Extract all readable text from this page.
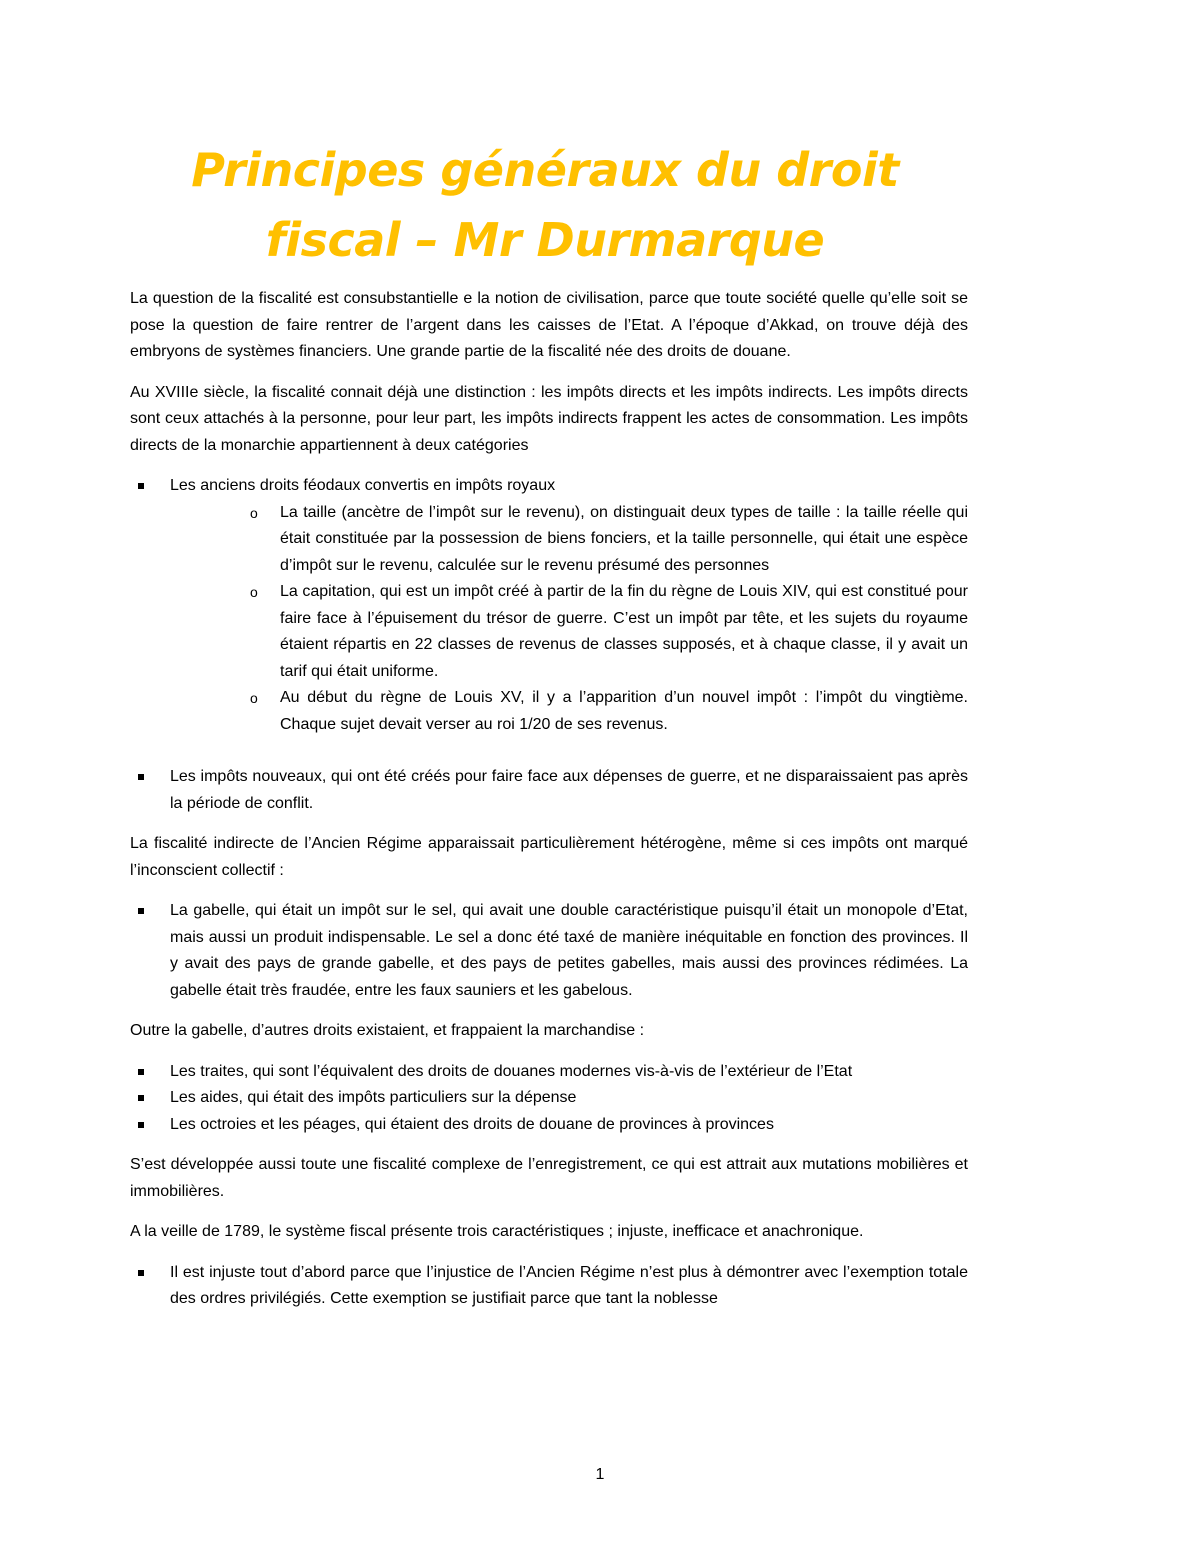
Principes généraux du droit
fiscal – Mr Durmarque

La question de la fiscalité est consubstantielle e la notion de civilisation, parce que toute société quelle qu’elle soit se pose la question de faire rentrer de l’argent dans les caisses de l’Etat. A l’époque d’Akkad, on trouve déjà des embryons de systèmes financiers. Une grande partie de la fiscalité née des droits de douane.

Au XVIIIe siècle, la fiscalité connait déjà une distinction : les impôts directs et les impôts indirects. Les impôts directs sont ceux attachés à la personne, pour leur part, les impôts indirects frappent les actes de consommation. Les impôts directs de la monarchie appartiennent à deux catégories

Les anciens droits féodaux convertis en impôts royaux
o La taille (ancètre de l’impôt sur le revenu), on distinguait deux types de taille : la taille réelle qui était constituée par la possession de biens fonciers, et la taille personnelle, qui était une espèce d’impôt sur le revenu, calculée sur le revenu présumé des personnes
o La capitation, qui est un impôt créé à partir de la fin du règne de Louis XIV, qui est constitué pour faire face à l’épuisement du trésor de guerre. C’est un impôt par tête, et les sujets du royaume étaient répartis en 22 classes de revenus de classes supposés, et à chaque classe, il y avait un tarif qui était uniforme.
o Au début du règne de Louis XV, il y a l’apparition d’un nouvel impôt : l’impôt du vingtième. Chaque sujet devait verser au roi 1/20 de ses revenus.
Les impôts nouveaux, qui ont été créés pour faire face aux dépenses de guerre, et ne disparaissaient pas après la période de conflit.

La fiscalité indirecte de l’Ancien Régime apparaissait particulièrement hétérogène, même si ces impôts ont marqué l’inconscient collectif :

La gabelle, qui était un impôt sur le sel, qui avait une double caractéristique puisqu’il était un monopole d’Etat, mais aussi un produit indispensable. Le sel a donc été taxé de manière inéquitable en fonction des provinces. Il y avait des pays de grande gabelle, et des pays de petites gabelles, mais aussi des provinces rédimées. La gabelle était très fraudée, entre les faux sauniers et les gabelous.

Outre la gabelle, d’autres droits existaient, et frappaient la marchandise :

Les traites, qui sont l’équivalent des droits de douanes modernes vis-à-vis de l’extérieur de l’Etat
Les aides, qui était des impôts particuliers sur la dépense
Les octroies et les péages, qui étaient des droits de douane de provinces à provinces

S’est développée aussi toute une fiscalité complexe de l’enregistrement, ce qui est attrait aux mutations mobilières et immobilières.

A la veille de 1789, le système fiscal présente trois caractéristiques ; injuste, inefficace et anachronique.

Il est injuste tout d’abord parce que l’injustice de l’Ancien Régime n’est plus à démontrer avec l’exemption totale des ordres privilégiés. Cette exemption se justifiait parce que tant la noblesse
1
